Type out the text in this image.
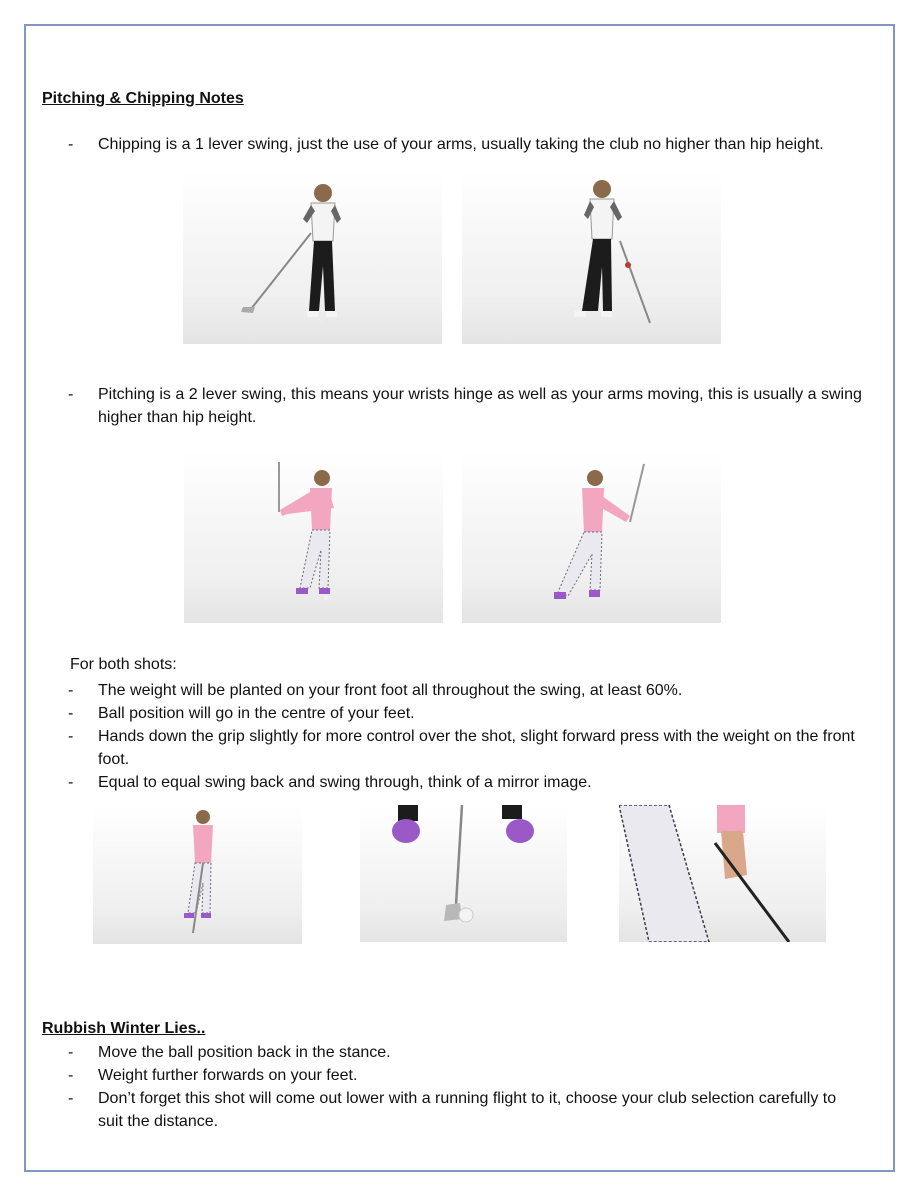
Pitching & Chipping Notes
- Chipping is a 1 lever swing, just the use of your arms, usually taking the club no higher than hip height.
- Pitching is a 2 lever swing, this means your wrists hinge as well as your arms moving, this is usually a swing higher than hip height.
For both shots:
- The weight will be planted on your front foot all throughout the swing, at least 60%.
- Ball position will go in the centre of your feet.
- Hands down the grip slightly for more control over the shot, slight forward press with the weight on the front foot.
- Equal to equal swing back and swing through, think of a mirror image.
Rubbish Winter Lies..
- Move the ball position back in the stance.
- Weight further forwards on your feet.
- Don’t forget this shot will come out lower with a running flight to it, choose your club selection carefully to suit the distance.
